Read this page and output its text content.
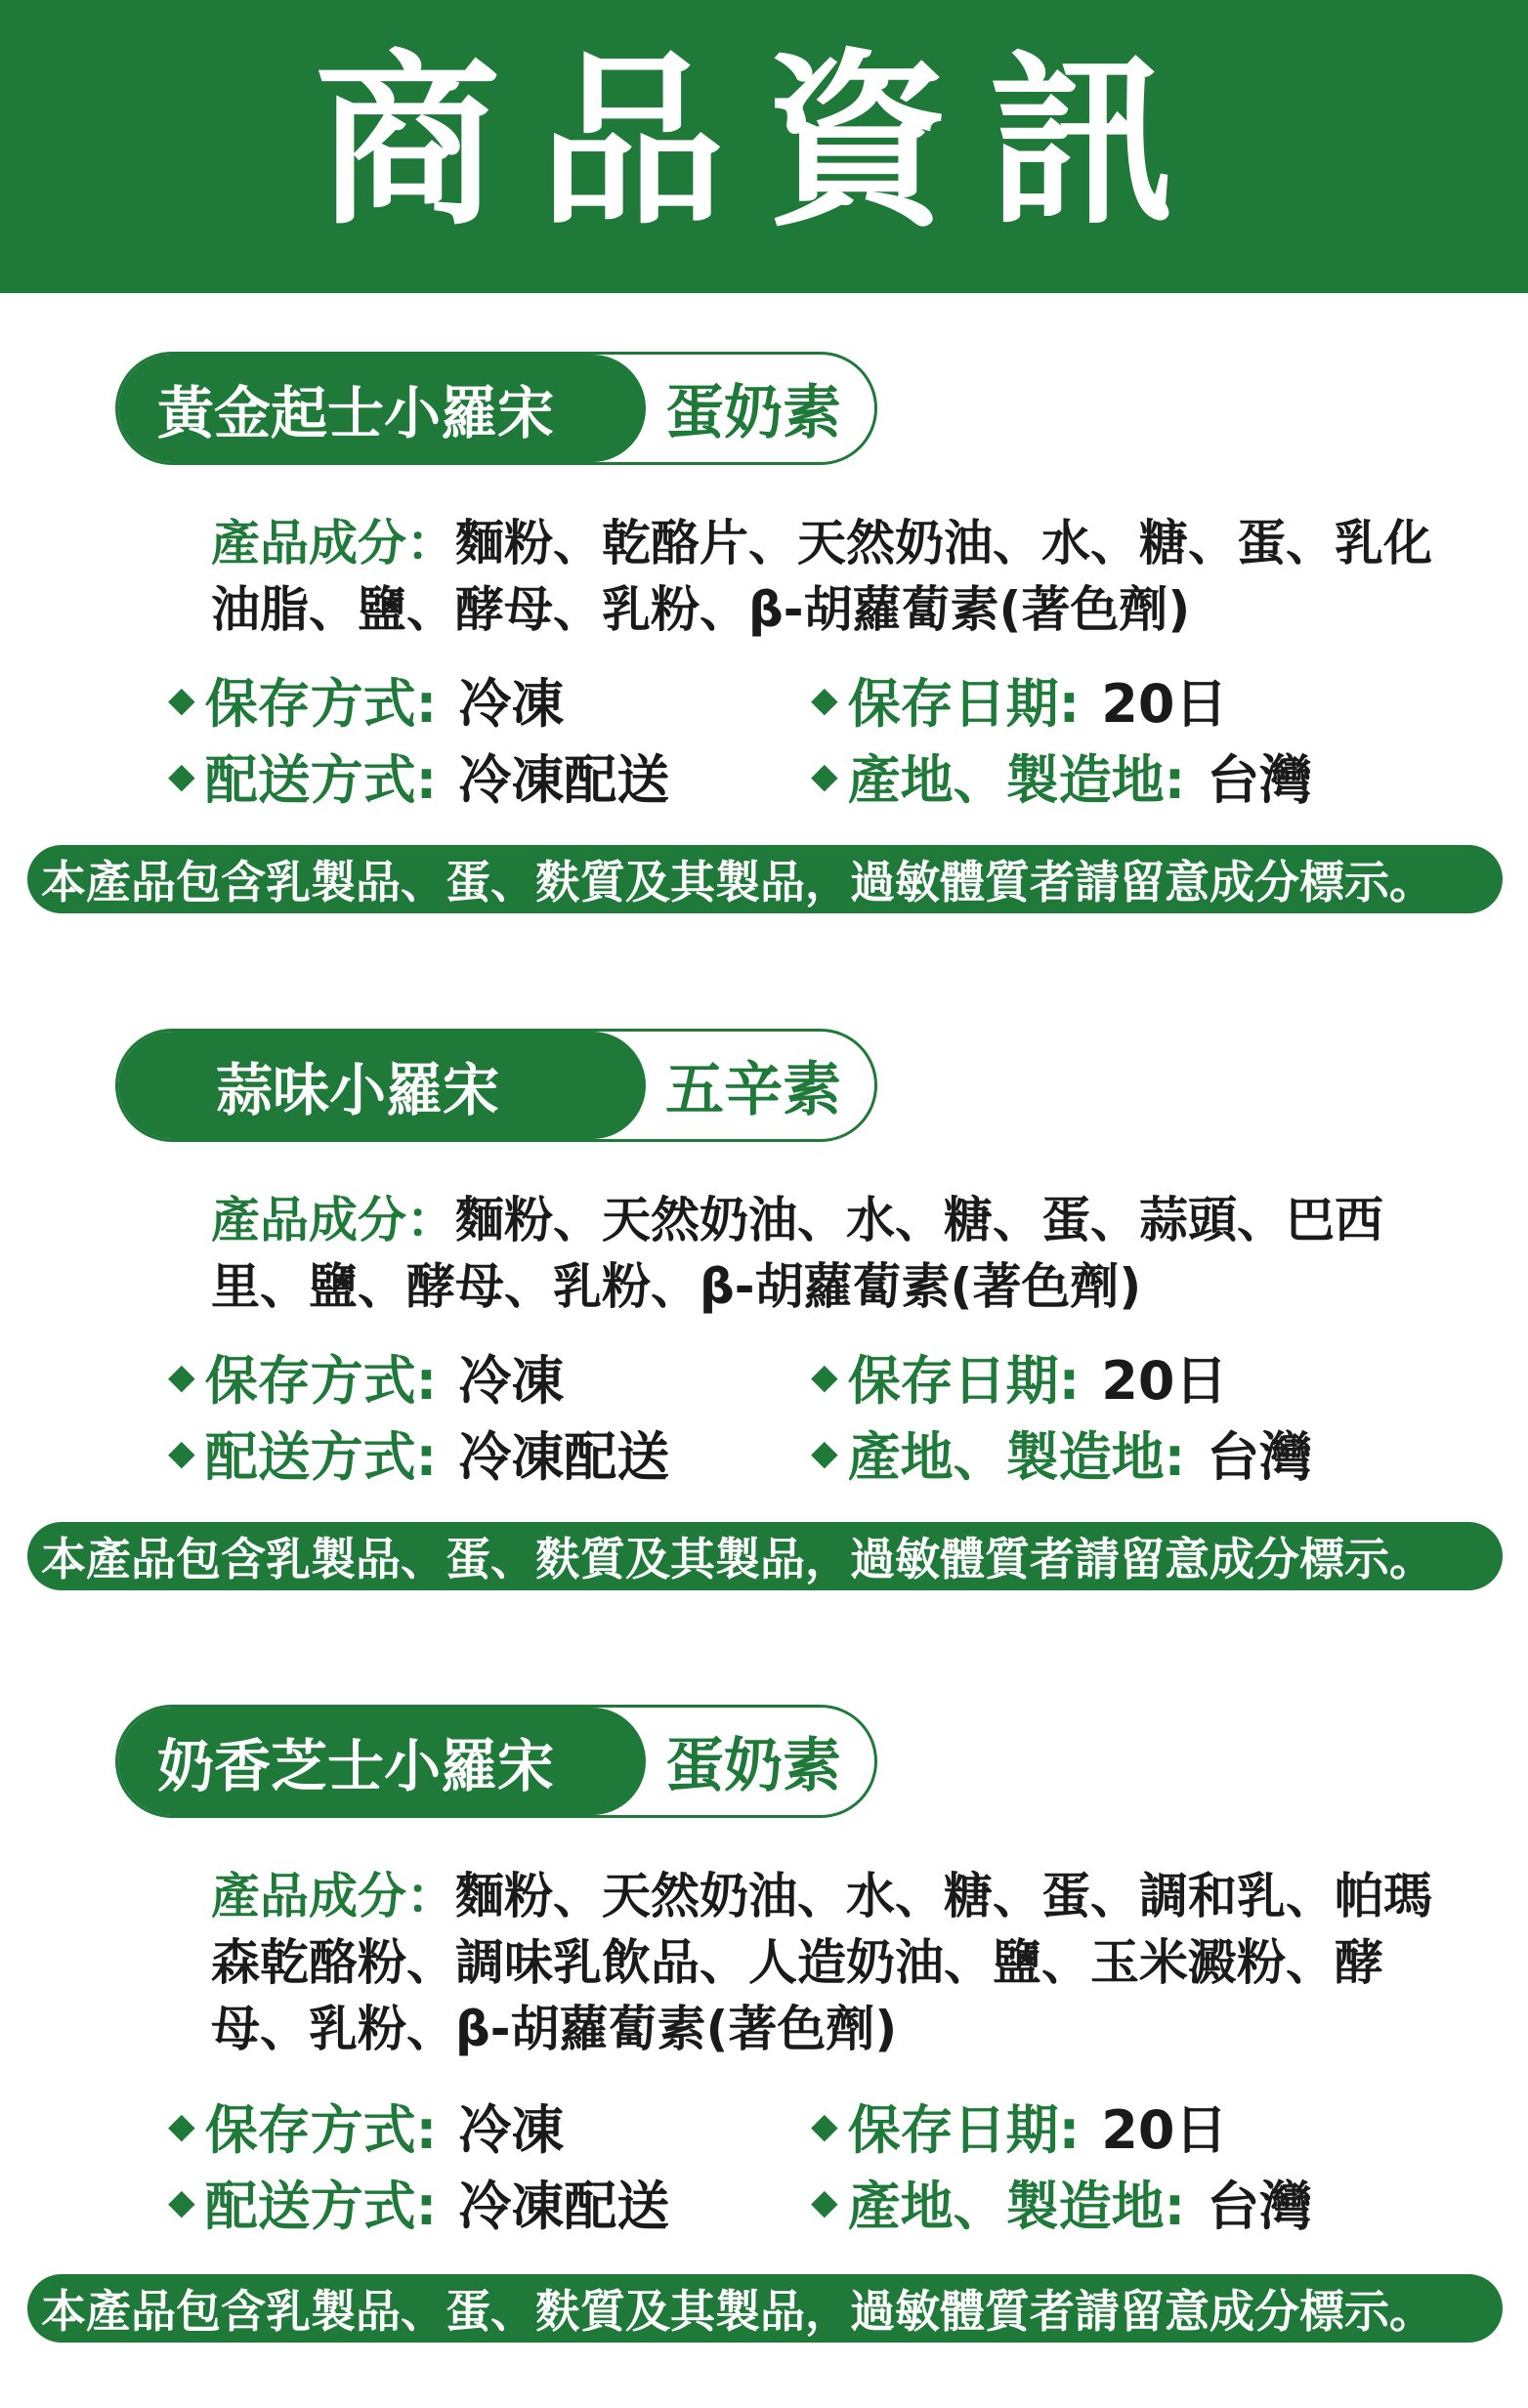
商品資訊
黃金起士小羅宋	蛋奶素
產品成分：麵粉、乾酪片、天然奶油、水、糖、蛋、乳化油脂、鹽、酵母、乳粉、β-胡蘿蔔素(著色劑)
◆ 保存方式: 冷凍	◆ 保存日期: 20日
◆ 配送方式: 冷凍配送	◆ 產地、製造地: 台灣
本產品包含乳製品、蛋、麩質及其製品，過敏體質者請留意成分標示。
蒜味小羅宋	五辛素
產品成分：麵粉、天然奶油、水、糖、蛋、蒜頭、巴西里、鹽、酵母、乳粉、β-胡蘿蔔素(著色劑)
◆ 保存方式: 冷凍	◆ 保存日期: 20日
◆ 配送方式: 冷凍配送	◆ 產地、製造地: 台灣
本產品包含乳製品、蛋、麩質及其製品，過敏體質者請留意成分標示。
奶香芝士小羅宋	蛋奶素
產品成分：麵粉、天然奶油、水、糖、蛋、調和乳、帕瑪森乾酪粉、調味乳飲品、人造奶油、鹽、玉米澱粉、酵母、乳粉、β-胡蘿蔔素(著色劑)
◆ 保存方式: 冷凍	◆ 保存日期: 20日
◆ 配送方式: 冷凍配送	◆ 產地、製造地: 台灣
本產品包含乳製品、蛋、麩質及其製品，過敏體質者請留意成分標示。
